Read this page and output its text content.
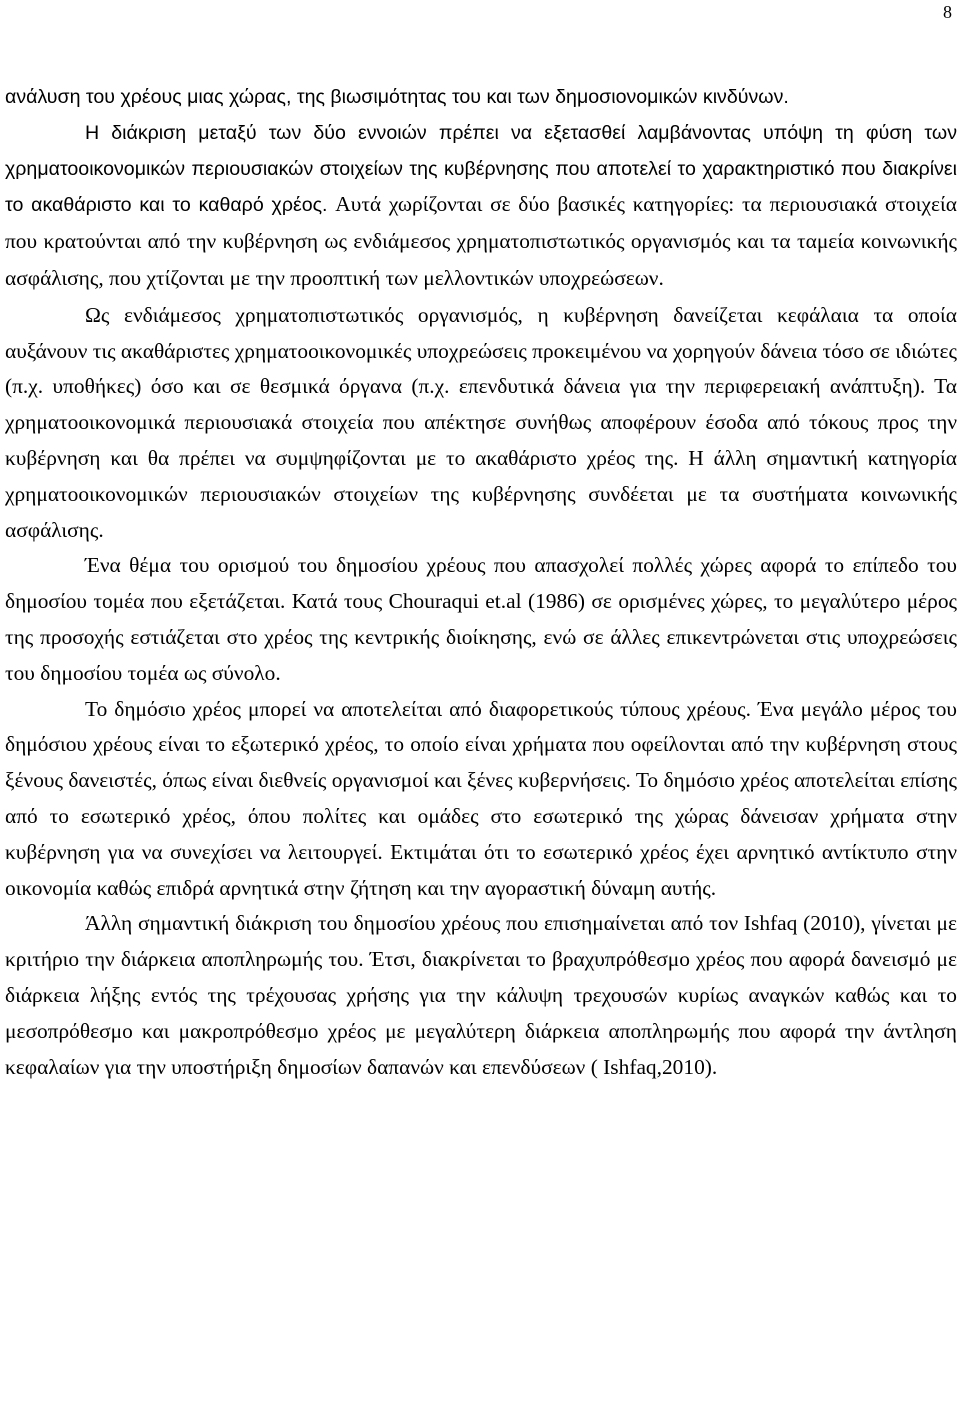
8

ανάλυση του χρέους μιας χώρας, της βιωσιμότητας του και των δημοσιονομικών κινδύνων.

Η διάκριση μεταξύ των δύο εννοιών πρέπει να εξετασθεί λαμβάνοντας υπόψη τη φύση των χρηματοοικονομικών περιουσιακών στοιχείων της κυβέρνησης που αποτελεί το χαρακτηριστικό που διακρίνει το ακαθάριστο και το καθαρό χρέος. Αυτά χωρίζονται σε δύο βασικές κατηγορίες: τα περιουσιακά στοιχεία που κρατούνται από την κυβέρνηση ως ενδιάμεσος χρηματοπιστωτικός οργανισμός και τα ταμεία κοινωνικής ασφάλισης, που χτίζονται με την προοπτική των μελλοντικών υποχρεώσεων.

Ως ενδιάμεσος χρηματοπιστωτικός οργανισμός, η κυβέρνηση δανείζεται κεφάλαια τα οποία αυξάνουν τις ακαθάριστες χρηματοοικονομικές υποχρεώσεις προκειμένου να χορηγούν δάνεια τόσο σε ιδιώτες (π.χ. υποθήκες) όσο και σε θεσμικά όργανα (π.χ. επενδυτικά δάνεια για την περιφερειακή ανάπτυξη). Τα χρηματοοικονομικά περιουσιακά στοιχεία που απέκτησε συνήθως αποφέρουν έσοδα από τόκους προς την κυβέρνηση και θα πρέπει να συμψηφίζονται με το ακαθάριστο χρέος της. Η άλλη σημαντική κατηγορία χρηματοοικονομικών περιουσιακών στοιχείων της κυβέρνησης συνδέεται με τα συστήματα κοινωνικής ασφάλισης.

Ένα θέμα του ορισμού του δημοσίου χρέους που απασχολεί πολλές χώρες αφορά το επίπεδο του δημοσίου τομέα που εξετάζεται. Κατά τους Chouraqui et.al (1986) σε ορισμένες χώρες, το μεγαλύτερο μέρος της προσοχής εστιάζεται στο χρέος της κεντρικής διοίκησης, ενώ σε άλλες επικεντρώνεται στις υποχρεώσεις του δημοσίου τομέα ως σύνολο.

Το δημόσιο χρέος μπορεί να αποτελείται από διαφορετικούς τύπους χρέους. Ένα μεγάλο μέρος του δημόσιου χρέους είναι το εξωτερικό χρέος, το οποίο είναι χρήματα που οφείλονται από την κυβέρνηση στους ξένους δανειστές, όπως είναι διεθνείς οργανισμοί και ξένες κυβερνήσεις. Το δημόσιο χρέος αποτελείται επίσης από το εσωτερικό χρέος, όπου πολίτες και ομάδες στο εσωτερικό της χώρας δάνεισαν χρήματα στην κυβέρνηση για να συνεχίσει να λειτουργεί. Εκτιμάται ότι το εσωτερικό χρέος έχει αρνητικό αντίκτυπο στην οικονομία καθώς επιδρά αρνητικά στην ζήτηση και την αγοραστική δύναμη αυτής.

Άλλη σημαντική διάκριση του δημοσίου χρέους που επισημαίνεται από τον Ishfaq (2010), γίνεται με κριτήριο την διάρκεια αποπληρωμής του. Έτσι, διακρίνεται το βραχυπρόθεσμο χρέος που αφορά δανεισμό με διάρκεια λήξης εντός της τρέχουσας χρήσης για την κάλυψη τρεχουσών κυρίως αναγκών καθώς και το μεσοπρόθεσμο και μακροπρόθεσμο χρέος με μεγαλύτερη διάρκεια αποπληρωμής που αφορά την άντληση κεφαλαίων για την υποστήριξη δημοσίων δαπανών και επενδύσεων ( Ishfaq,2010).
